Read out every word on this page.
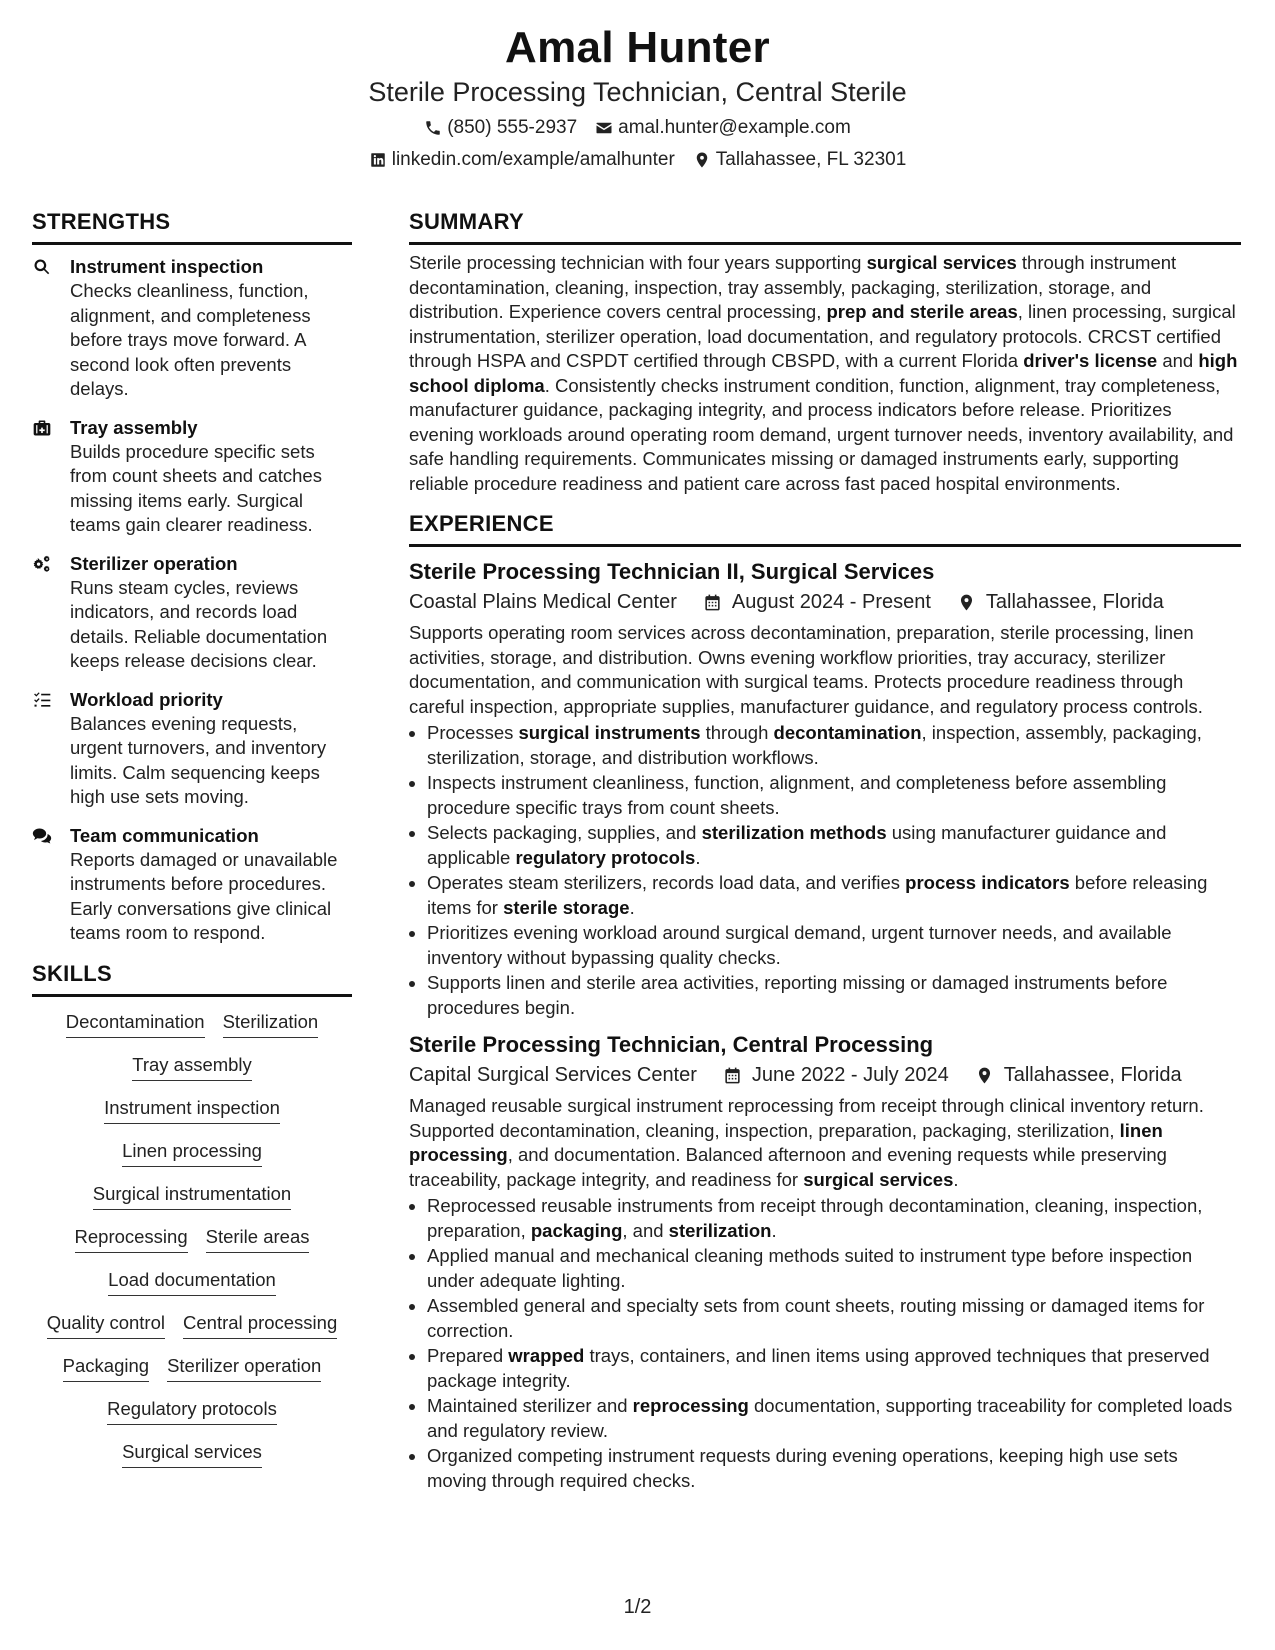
Amal Hunter
Sterile Processing Technician, Central Sterile
(850) 555-2937 amal.hunter@example.com
linkedin.com/example/amalhunter Tallahassee, FL 32301
STRENGTHS
Instrument inspection
Checks cleanliness, function, alignment, and completeness before trays move forward. A second look often prevents delays.
Tray assembly
Builds procedure specific sets from count sheets and catches missing items early. Surgical teams gain clearer readiness.
Sterilizer operation
Runs steam cycles, reviews indicators, and records load details. Reliable documentation keeps release decisions clear.
Workload priority
Balances evening requests, urgent turnovers, and inventory limits. Calm sequencing keeps high use sets moving.
Team communication
Reports damaged or unavailable instruments before procedures. Early conversations give clinical teams room to respond.
SKILLS
Decontamination Sterilization
Tray assembly
Instrument inspection
Linen processing
Surgical instrumentation
Reprocessing Sterile areas
Load documentation
Quality control Central processing
Packaging Sterilizer operation
Regulatory protocols
Surgical services
SUMMARY
Sterile processing technician with four years supporting surgical services through instrument decontamination, cleaning, inspection, tray assembly, packaging, sterilization, storage, and distribution. Experience covers central processing, prep and sterile areas, linen processing, surgical instrumentation, sterilizer operation, load documentation, and regulatory protocols. CRCST certified through HSPA and CSPDT certified through CBSPD, with a current Florida driver's license and high school diploma. Consistently checks instrument condition, function, alignment, tray completeness, manufacturer guidance, packaging integrity, and process indicators before release. Prioritizes evening workloads around operating room demand, urgent turnover needs, inventory availability, and safe handling requirements. Communicates missing or damaged instruments early, supporting reliable procedure readiness and patient care across fast paced hospital environments.
EXPERIENCE
Sterile Processing Technician II, Surgical Services
Coastal Plains Medical Center	August 2024 - Present	Tallahassee, Florida
Supports operating room services across decontamination, preparation, sterile processing, linen activities, storage, and distribution. Owns evening workflow priorities, tray accuracy, sterilizer documentation, and communication with surgical teams. Protects procedure readiness through careful inspection, appropriate supplies, manufacturer guidance, and regulatory process controls.
• Processes surgical instruments through decontamination, inspection, assembly, packaging, sterilization, storage, and distribution workflows.
• Inspects instrument cleanliness, function, alignment, and completeness before assembling procedure specific trays from count sheets.
• Selects packaging, supplies, and sterilization methods using manufacturer guidance and applicable regulatory protocols.
• Operates steam sterilizers, records load data, and verifies process indicators before releasing items for sterile storage.
• Prioritizes evening workload around surgical demand, urgent turnover needs, and available inventory without bypassing quality checks.
• Supports linen and sterile area activities, reporting missing or damaged instruments before procedures begin.
Sterile Processing Technician, Central Processing
Capital Surgical Services Center	June 2022 - July 2024	Tallahassee, Florida
Managed reusable surgical instrument reprocessing from receipt through clinical inventory return. Supported decontamination, cleaning, inspection, preparation, packaging, sterilization, linen processing, and documentation. Balanced afternoon and evening requests while preserving traceability, package integrity, and readiness for surgical services.
• Reprocessed reusable instruments from receipt through decontamination, cleaning, inspection, preparation, packaging, and sterilization.
• Applied manual and mechanical cleaning methods suited to instrument type before inspection under adequate lighting.
• Assembled general and specialty sets from count sheets, routing missing or damaged items for correction.
• Prepared wrapped trays, containers, and linen items using approved techniques that preserved package integrity.
• Maintained sterilizer and reprocessing documentation, supporting traceability for completed loads and regulatory review.
• Organized competing instrument requests during evening operations, keeping high use sets moving through required checks.
1/2
